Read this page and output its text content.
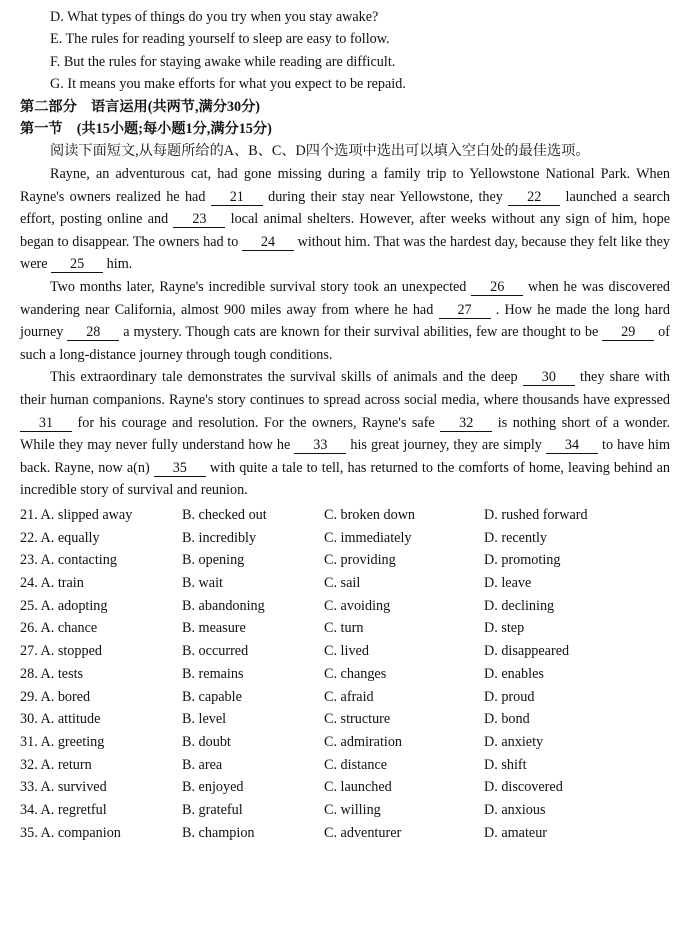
D. What types of things do you try when you stay awake?
E. The rules for reading yourself to sleep are easy to follow.
F. But the rules for staying awake while reading are difficult.
G. It means you make efforts for what you expect to be repaid.
第二部分　语言运用(共两节,满分30分)
第一节　(共15小题;每小题1分,满分15分)

阅读下面短文,从每题所给的A、B、C、D四个选项中选出可以填入空白处的最佳选项。

Rayne, an adventurous cat, had gone missing during a family trip to Yellowstone National Park. When Rayne's owners realized he had 21 during their stay near Yellowstone, they 22 launched a search effort, posting online and 23 local animal shelters. However, after weeks without any sign of him, hope began to disappear. The owners had to 24 without him. That was the hardest day, because they felt like they were 25 him.

Two months later, Rayne's incredible survival story took an unexpected 26 when he was discovered wandering near California, almost 900 miles away from where he had 27 . How he made the long hard journey 28 a mystery. Though cats are known for their survival abilities, few are thought to be 29 of such a long-distance journey through tough conditions.

This extraordinary tale demonstrates the survival skills of animals and the deep 30 they share with their human companions. Rayne's story continues to spread across social media, where thousands have expressed 31 for his courage and resolution. For the owners, Rayne's safe 32 is nothing short of a wonder. While they may never fully understand how he 33 his great journey, they are simply 34 to have him back. Rayne, now a(n) 35 with quite a tale to tell, has returned to the comforts of home, leaving behind an incredible story of survival and reunion.

21. A. slipped away	B. checked out	C. broken down	D. rushed forward
22. A. equally	B. incredibly	C. immediately	D. recently
23. A. contacting	B. opening	C. providing	D. promoting
24. A. train	B. wait	C. sail	D. leave
25. A. adopting	B. abandoning	C. avoiding	D. declining
26. A. chance	B. measure	C. turn	D. step
27. A. stopped	B. occurred	C. lived	D. disappeared
28. A. tests	B. remains	C. changes	D. enables
29. A. bored	B. capable	C. afraid	D. proud
30. A. attitude	B. level	C. structure	D. bond
31. A. greeting	B. doubt	C. admiration	D. anxiety
32. A. return	B. area	C. distance	D. shift
33. A. survived	B. enjoyed	C. launched	D. discovered
34. A. regretful	B. grateful	C. willing	D. anxious
35. A. companion	B. champion	C. adventurer	D. amateur
